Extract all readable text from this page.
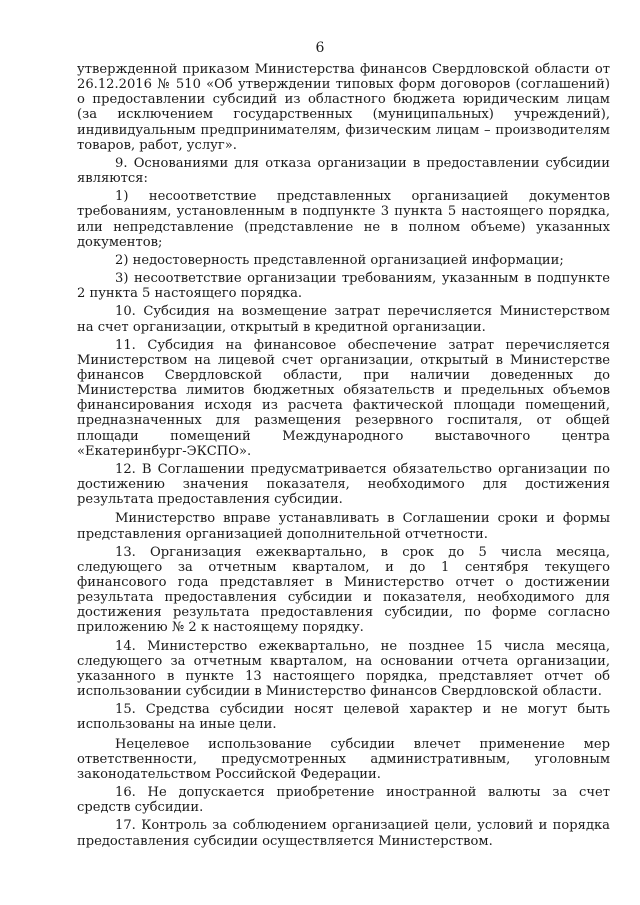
6

утвержденной приказом Министерства финансов Свердловской области от 26.12.2016 № 510 «Об утверждении типовых форм договоров (соглашений) о предоставлении субсидий из областного бюджета юридическим лицам (за исключением государственных (муниципальных) учреждений), индивидуальным предпринимателям, физическим лицам – производителям товаров, работ, услуг».

9. Основаниями для отказа организации в предоставлении субсидии являются:

1) несоответствие представленных организацией документов требованиям, установленным в подпункте 3 пункта 5 настоящего порядка, или непредставление (представление не в полном объеме) указанных документов;

2) недостоверность представленной организацией информации;

3) несоответствие организации требованиям, указанным в подпункте 2 пункта 5 настоящего порядка.

10. Субсидия на возмещение затрат перечисляется Министерством на счет организации, открытый в кредитной организации.

11. Субсидия на финансовое обеспечение затрат перечисляется Министерством на лицевой счет организации, открытый в Министерстве финансов Свердловской области, при наличии доведенных до Министерства лимитов бюджетных обязательств и предельных объемов финансирования исходя из расчета фактической площади помещений, предназначенных для размещения резервного госпиталя, от общей площади помещений Международного выставочного центра «Екатеринбург-ЭКСПО».

12. В Соглашении предусматривается обязательство организации по достижению значения показателя, необходимого для достижения результата предоставления субсидии.

Министерство вправе устанавливать в Соглашении сроки и формы представления организацией дополнительной отчетности.

13. Организация ежеквартально, в срок до 5 числа месяца, следующего за отчетным кварталом, и до 1 сентября текущего финансового года представляет в Министерство отчет о достижении результата предоставления субсидии и показателя, необходимого для достижения результата предоставления субсидии, по форме согласно приложению № 2 к настоящему порядку.

14. Министерство ежеквартально, не позднее 15 числа месяца, следующего за отчетным кварталом, на основании отчета организации, указанного в пункте 13 настоящего порядка, представляет отчет об использовании субсидии в Министерство финансов Свердловской области.

15. Средства субсидии носят целевой характер и не могут быть использованы на иные цели.

Нецелевое использование субсидии влечет применение мер ответственности, предусмотренных административным, уголовным законодательством Российской Федерации.

16. Не допускается приобретение иностранной валюты за счет средств субсидии.

17. Контроль за соблюдением организацией цели, условий и порядка предоставления субсидии осуществляется Министерством.
